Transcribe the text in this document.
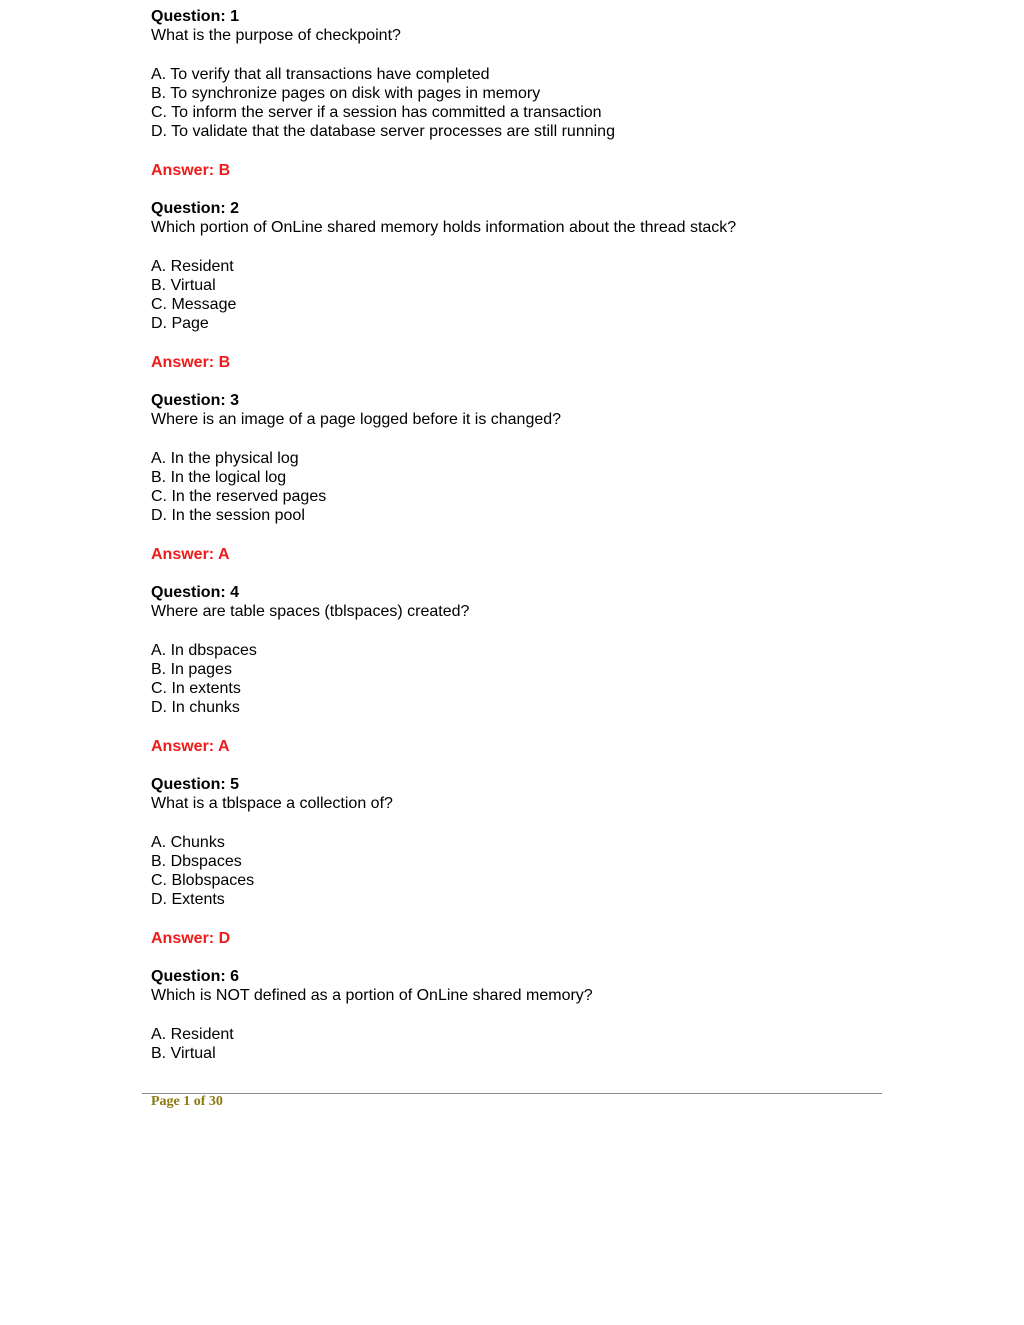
Question: 1
What is the purpose of checkpoint?
A. To verify that all transactions have completed
B. To synchronize pages on disk with pages in memory
C. To inform the server if a session has committed a transaction
D. To validate that the database server processes are still running
Answer: B
Question: 2
Which portion of OnLine shared memory holds information about the thread stack?
A. Resident
B. Virtual
C. Message
D. Page
Answer: B
Question: 3
Where is an image of a page logged before it is changed?
A. In the physical log
B. In the logical log
C. In the reserved pages
D. In the session pool
Answer: A
Question: 4
Where are table spaces (tblspaces) created?
A. In dbspaces
B. In pages
C. In extents
D. In chunks
Answer: A
Question: 5
What is a tblspace a collection of?
A. Chunks
B. Dbspaces
C. Blobspaces
D. Extents
Answer: D
Question: 6
Which is NOT defined as a portion of OnLine shared memory?
A. Resident
B. Virtual
Page 1 of 30
